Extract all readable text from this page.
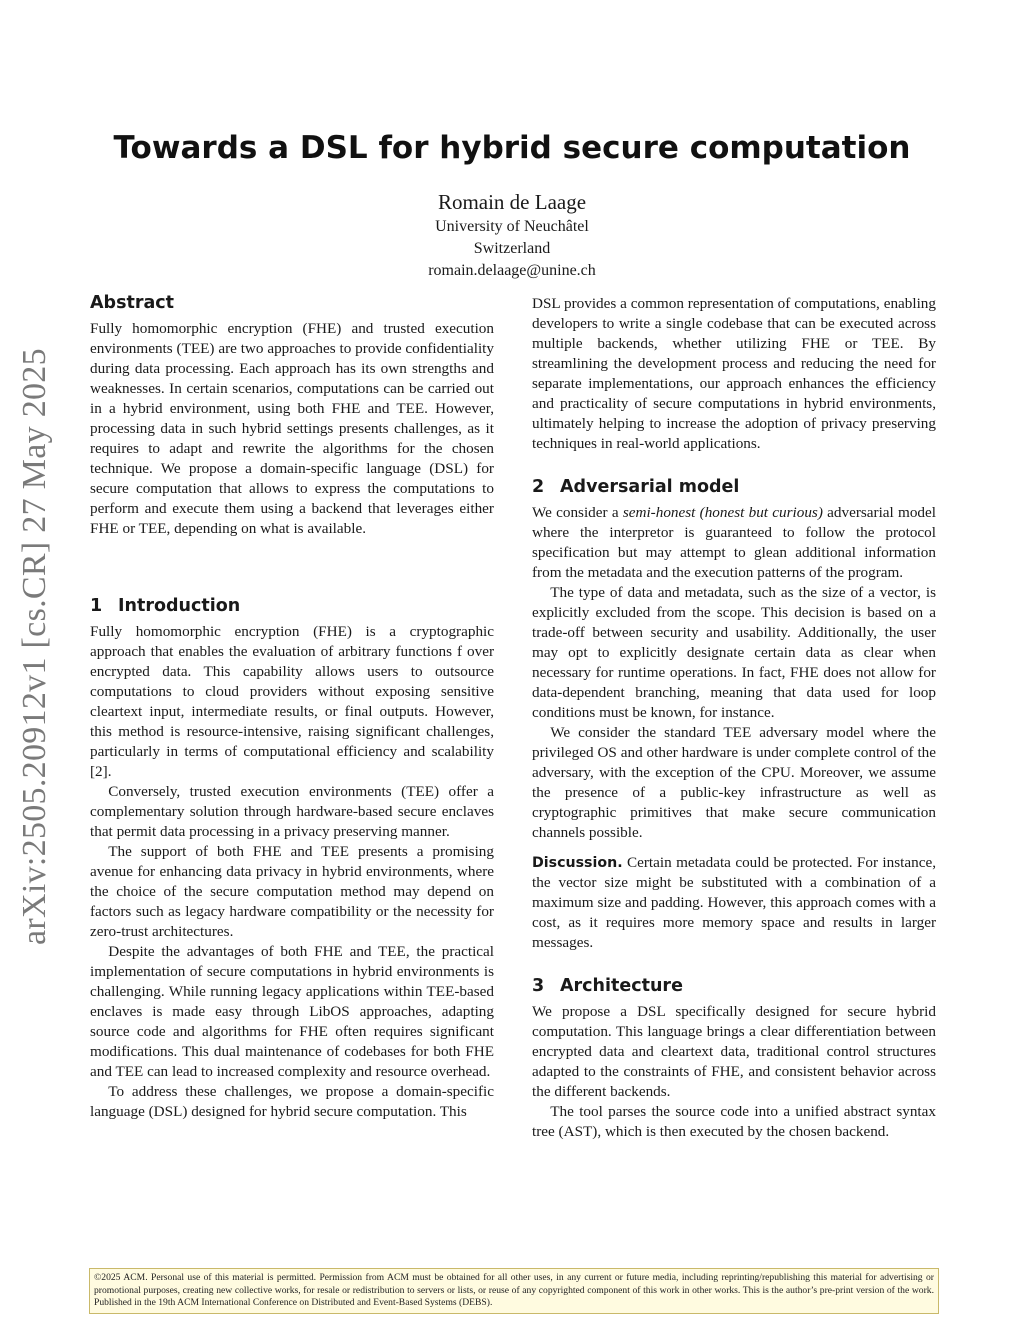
arXiv:2505.20912v1 [cs.CR] 27 May 2025
Towards a DSL for hybrid secure computation
Romain de Laage
University of Neuchâtel
Switzerland
romain.delaage@unine.ch
Abstract

Fully homomorphic encryption (FHE) and trusted execution environments (TEE) are two approaches to provide confidentiality during data processing. Each approach has its own strengths and weaknesses. In certain scenarios, computations can be carried out in a hybrid environment, using both FHE and TEE. However, processing data in such hybrid settings presents challenges, as it requires to adapt and rewrite the algorithms for the chosen technique. We propose a domain-specific language (DSL) for secure computation that allows to express the computations to perform and execute them using a backend that leverages either FHE or TEE, depending on what is available.

1 Introduction

Fully homomorphic encryption (FHE) is a cryptographic approach that enables the evaluation of arbitrary functions f over encrypted data. This capability allows users to outsource computations to cloud providers without exposing sensitive cleartext input, intermediate results, or final outputs. However, this method is resource-intensive, raising significant challenges, particularly in terms of computational efficiency and scalability [2].

Conversely, trusted execution environments (TEE) offer a complementary solution through hardware-based secure enclaves that permit data processing in a privacy preserving manner.

The support of both FHE and TEE presents a promising avenue for enhancing data privacy in hybrid environments, where the choice of the secure computation method may depend on factors such as legacy hardware compatibility or the necessity for zero-trust architectures.

Despite the advantages of both FHE and TEE, the practical implementation of secure computations in hybrid environments is challenging. While running legacy applications within TEE-based enclaves is made easy through LibOS approaches, adapting source code and algorithms for FHE often requires significant modifications. This dual maintenance of codebases for both FHE and TEE can lead to increased complexity and resource overhead.

To address these challenges, we propose a domain-specific language (DSL) designed for hybrid secure computation. This

DSL provides a common representation of computations, enabling developers to write a single codebase that can be executed across multiple backends, whether utilizing FHE or TEE. By streamlining the development process and reducing the need for separate implementations, our approach enhances the efficiency and practicality of secure computations in hybrid environments, ultimately helping to increase the adoption of privacy preserving techniques in real-world applications.

2 Adversarial model

We consider a semi-honest (honest but curious) adversarial model where the interpretor is guaranteed to follow the protocol specification but may attempt to glean additional information from the metadata and the execution patterns of the program.

The type of data and metadata, such as the size of a vector, is explicitly excluded from the scope. This decision is based on a trade-off between security and usability. Additionally, the user may opt to explicitly designate certain data as clear when necessary for runtime operations. In fact, FHE does not allow for data-dependent branching, meaning that data used for loop conditions must be known, for instance.

We consider the standard TEE adversary model where the privileged OS and other hardware is under complete control of the adversary, with the exception of the CPU. Moreover, we assume the presence of a public-key infrastructure as well as cryptographic primitives that make secure communication channels possible.

Discussion. Certain metadata could be protected. For instance, the vector size might be substituted with a combination of a maximum size and padding. However, this approach comes with a cost, as it requires more memory space and results in larger messages.

3 Architecture

We propose a DSL specifically designed for secure hybrid computation. This language brings a clear differentiation between encrypted data and cleartext data, traditional control structures adapted to the constraints of FHE, and consistent behavior across the different backends.

The tool parses the source code into a unified abstract syntax tree (AST), which is then executed by the chosen backend.

©2025 ACM. Personal use of this material is permitted. Permission from ACM must be obtained for all other uses, in any current or future media, including reprinting/republishing this material for advertising or promotional purposes, creating new collective works, for resale or redistribution to servers or lists, or reuse of any copyrighted component of this work in other works. This is the author’s pre-print version of the work. Published in the 19th ACM International Conference on Distributed and Event-Based Systems (DEBS).
